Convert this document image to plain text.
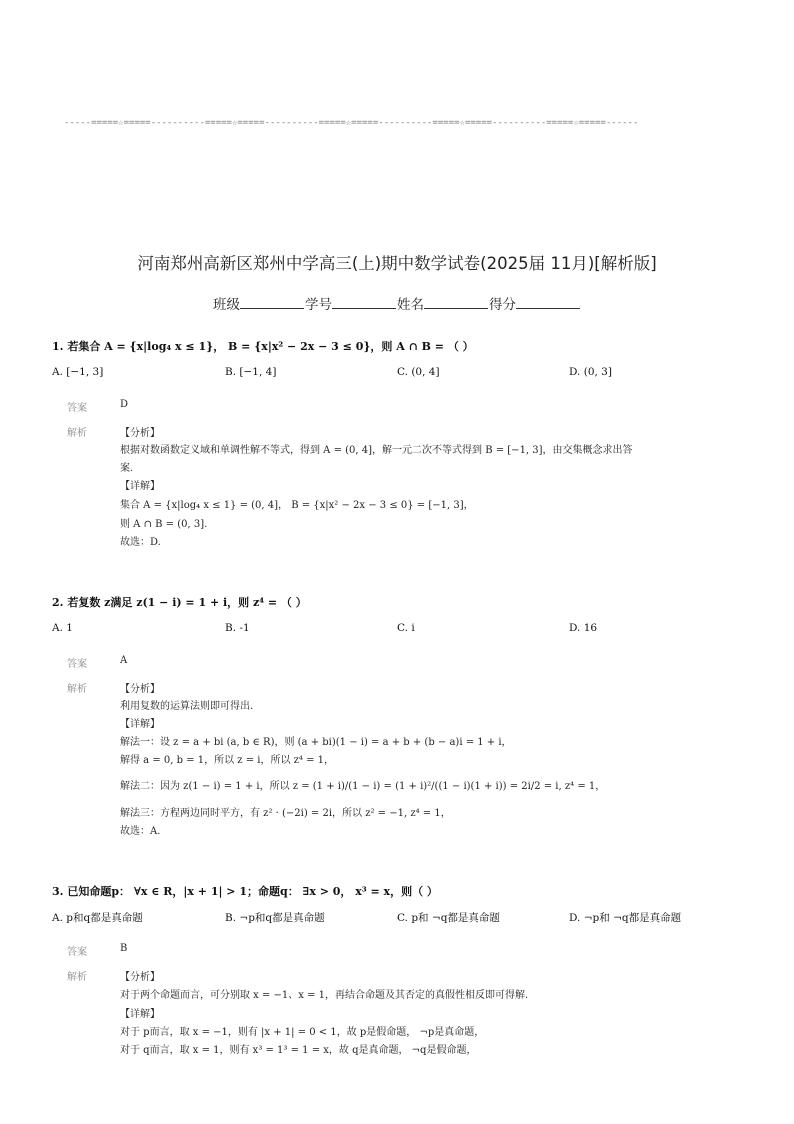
-----=====☆=====----------=====☆=====----------=====☆=====----------=====☆=====----------=====☆=====------
河南郑州高新区郑州中学高三(上)期中数学试卷(2025届 11月)[解析版]
班级	学号	姓名	得分
1. 若集合 A = {x|log₄ x ≤ 1}， B = {x|x² − 2x − 3 ≤ 0}，则 A ∩ B = （ ）
A. [−1, 3]	B. [−1, 4]	C. (0, 4]	D. (0, 3]
答案	D
解析	【分析】
根据对数函数定义域和单调性解不等式，得到 A = (0, 4]，解一元二次不等式得到 B = [−1, 3]，由交集概念求出答
案.
【详解】
集合 A = {x|log₄ x ≤ 1} = (0, 4]， B = {x|x² − 2x − 3 ≤ 0} = [−1, 3]，
则 A ∩ B = (0, 3].
故选：D.
2. 若复数 z满足 z(1 − i) = 1 + i，则 z⁴ = （ ）
A. 1	B. -1	C. i	D. 16
答案	A
解析	【分析】
利用复数的运算法则即可得出.
【详解】
解法一：设 z = a + bi (a, b ∈ R)，则 (a + bi)(1 − i) = a + b + (b − a)i = 1 + i，
解得 a = 0, b = 1，所以 z = i，所以 z⁴ = 1，
解法二：因为 z(1 − i) = 1 + i，所以 z = (1 + i)/(1 − i) = (1 + i)²/((1 − i)(1 + i)) = 2i/2 = i, z⁴ = 1，
解法三：方程两边同时平方，有 z² · (−2i) = 2i，所以 z² = −1, z⁴ = 1，
故选：A.
3. 已知命题p： ∀x ∈ R，|x + 1| > 1；命题q： ∃x > 0， x³ = x，则（ ）
A. p和q都是真命题	B. ¬p和q都是真命题	C. p和 ¬q都是真命题	D. ¬p和 ¬q都是真命题
答案	B
解析	【分析】
对于两个命题而言，可分别取 x = −1、x = 1，再结合命题及其否定的真假性相反即可得解.
【详解】
对于 p而言，取 x = −1，则有 |x + 1| = 0 < 1，故 p是假命题， ¬p是真命题，
对于 q而言，取 x = 1，则有 x³ = 1³ = 1 = x，故 q是真命题， ¬q是假命题，
